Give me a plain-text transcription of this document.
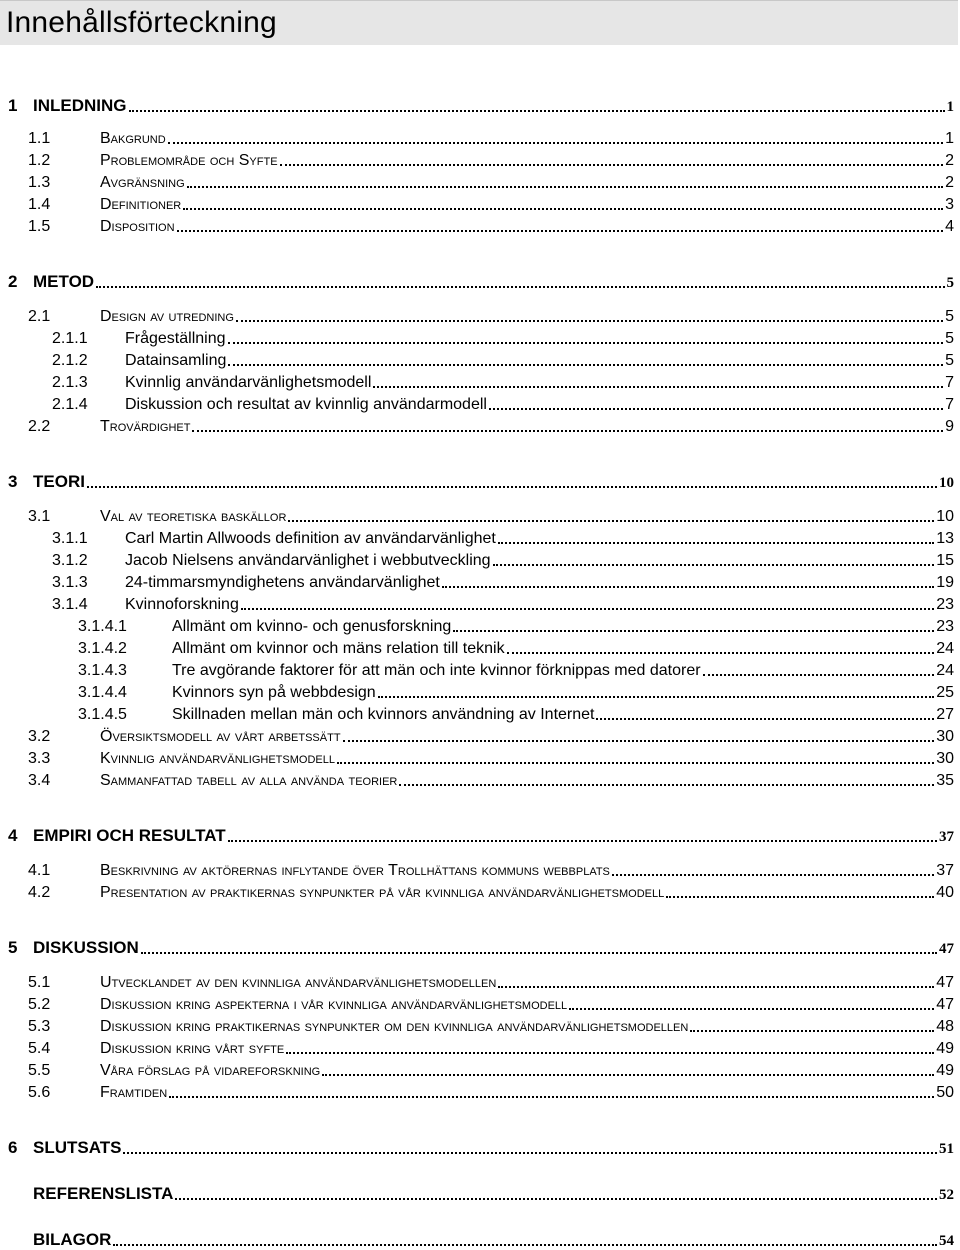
Innehållsförteckning
1 INLEDNING	1
1.1	Bakgrund	1
1.2	Problemområde och Syfte	2
1.3	Avgränsning	2
1.4	Definitioner	3
1.5	Disposition	4
2 METOD	5
2.1	Design av utredning	5
2.1.1	Frågeställning	5
2.1.2	Datainsamling	5
2.1.3	Kvinnlig användarvänlighetsmodell	7
2.1.4	Diskussion och resultat av kvinnlig användarmodell	7
2.2	Trovärdighet	9
3 TEORI	10
3.1	Val av teoretiska baskällor	10
3.1.1	Carl Martin Allwoods definition av användarvänlighet	13
3.1.2	Jacob Nielsens användarvänlighet i webbutveckling	15
3.1.3	24-timmarsmyndighetens användarvänlighet	19
3.1.4	Kvinnoforskning	23
3.1.4.1	Allmänt om kvinno- och genusforskning	23
3.1.4.2	Allmänt om kvinnor och mäns relation till teknik	24
3.1.4.3	Tre avgörande faktorer för att män och inte kvinnor förknippas med datorer	24
3.1.4.4	Kvinnors syn på webbdesign	25
3.1.4.5	Skillnaden mellan män och kvinnors användning av Internet	27
3.2	Översiktsmodell av vårt arbetssätt	30
3.3	Kvinnlig användarvänlighetsmodell	30
3.4	Sammanfattad tabell av alla använda teorier	35
4 EMPIRI OCH RESULTAT	37
4.1	Beskrivning av aktörernas inflytande över Trollhättans kommuns webbplats	37
4.2	Presentation av praktikernas synpunkter på vår kvinnliga användarvänlighetsmodell	40
5 DISKUSSION	47
5.1	Utvecklandet av den kvinnliga användarvänlighetsmodellen	47
5.2	Diskussion kring aspekterna i vår kvinnliga användarvänlighetsmodell	47
5.3	Diskussion kring praktikernas synpunkter om den kvinnliga användarvänlighetsmodellen	48
5.4	Diskussion kring vårt syfte	49
5.5	Våra förslag på vidareforskning	49
5.6	Framtiden	50
6 SLUTSATS	51
REFERENSLISTA	52
BILAGOR	54
